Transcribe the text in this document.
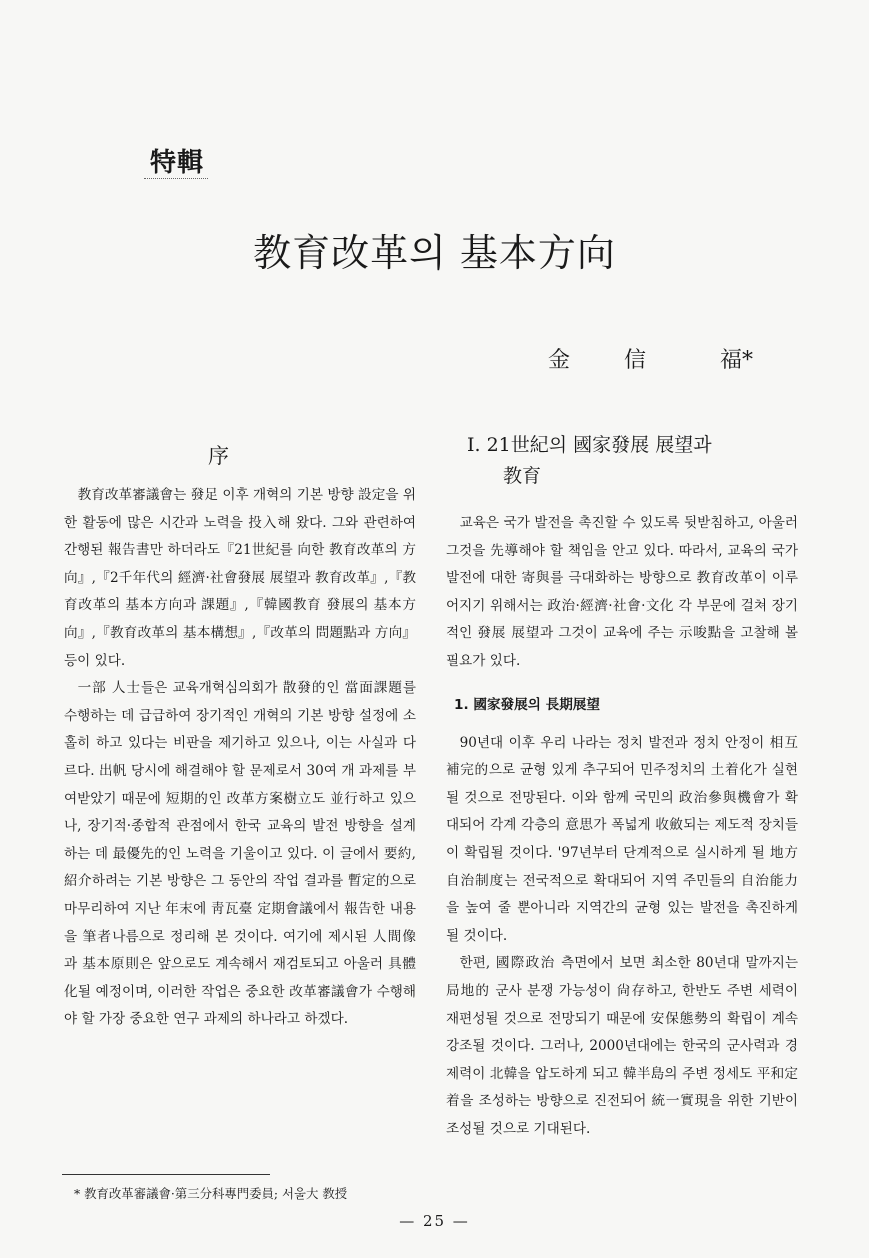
特輯
教育改革의 基本方向
金	信	福*
序	Ⅰ. 21世紀의 國家發展 展望과
教育

教育改革審議會는 發足 이후 개혁의 기본 방향 設定을 위한 활동에 많은 시간과 노력을 投入해 왔다. 그와 관련하여 간행된 報告書만 하더라도『21世紀를 向한 教育改革의 方向』,『2千年代의 經濟·社會發展 展望과 教育改革』,『教育改革의 基本方向과 課題』,『韓國教育 發展의 基本方向』,『教育改革의 基本構想』,『改革의 問題點과 方向』등이 있다.

一部 人士들은 교육개혁심의회가 散發的인 當面課題를 수행하는 데 급급하여 장기적인 개혁의 기본 방향 설정에 소홀히 하고 있다는 비판을 제기하고 있으나, 이는 사실과 다르다. 出帆 당시에 해결해야 할 문제로서 30여 개 과제를 부여받았기 때문에 短期的인 改革方案樹立도 並行하고 있으나, 장기적·종합적 관점에서 한국 교육의 발전 방향을 설계하는 데 最優先的인 노력을 기울이고 있다. 이 글에서 要約, 紹介하려는 기본 방향은 그 동안의 작업 결과를 暫定的으로 마무리하여 지난 年末에 靑瓦臺 定期會議에서 報告한 내용을 筆者나름으로 정리해 본 것이다. 여기에 제시된 人間像과 基本原則은 앞으로도 계속해서 재검토되고 아울러 具體化될 예정이며, 이러한 작업은 중요한 改革審議會가 수행해야 할 가장 중요한 연구 과제의 하나라고 하겠다.

교육은 국가 발전을 촉진할 수 있도록 뒷받침하고, 아울러 그것을 先導해야 할 책임을 안고 있다. 따라서, 교육의 국가 발전에 대한 寄與를 극대화하는 방향으로 教育改革이 이루어지기 위해서는 政治·經濟·社會·文化 각 부문에 걸쳐 장기적인 發展 展望과 그것이 교육에 주는 示唆點을 고찰해 볼 필요가 있다.

1. 國家發展의 長期展望

90년대 이후 우리 나라는 정치 발전과 정치 안정이 相互補完的으로 균형 있게 추구되어 민주정치의 土着化가 실현될 것으로 전망된다. 이와 함께 국민의 政治參與機會가 확대되어 각계 각층의 意思가 폭넓게 收斂되는 제도적 장치들이 확립될 것이다. '97년부터 단계적으로 실시하게 될 地方自治制度는 전국적으로 확대되어 지역 주민들의 自治能力을 높여 줄 뿐아니라 지역간의 균형 있는 발전을 촉진하게 될 것이다.

한편, 國際政治 측면에서 보면 최소한 80년대 말까지는 局地的 군사 분쟁 가능성이 尙存하고, 한반도 주변 세력이 재편성될 것으로 전망되기 때문에 安保態勢의 확립이 계속 강조될 것이다. 그러나, 2000년대에는 한국의 군사력과 경제력이 北韓을 압도하게 되고 韓半島의 주변 정세도 平和定着을 조성하는 방향으로 진전되어 統一實現을 위한 기반이 조성될 것으로 기대된다.

* 教育改革審議會·第三分科專門委員; 서울大 教授
— 25 —
